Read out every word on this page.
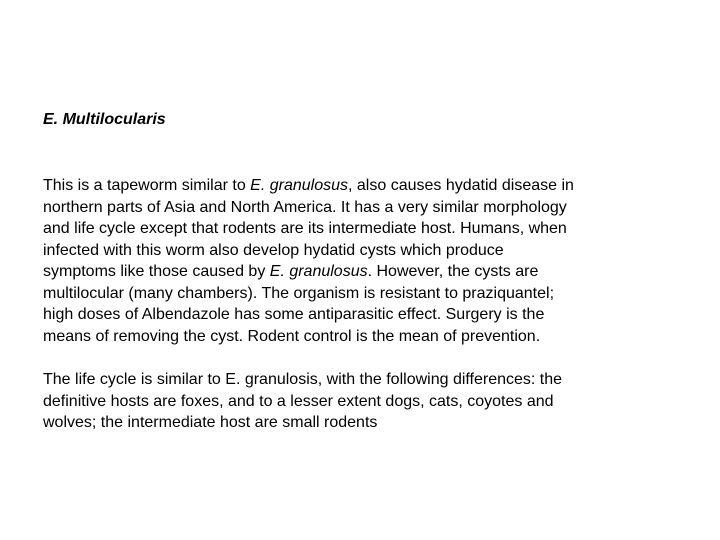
E. Multilocularis

This is a tapeworm similar to E. granulosus, also causes hydatid disease in
northern parts of Asia and North America. It has a very similar morphology
and life cycle except that rodents are its intermediate host. Humans, when
infected with this worm also develop hydatid cysts which produce
symptoms like those caused by E. granulosus. However, the cysts are
multilocular (many chambers). The organism is resistant to praziquantel;
high doses of Albendazole has some antiparasitic effect. Surgery is the
means of removing the cyst. Rodent control is the mean of prevention.

The life cycle is similar to E. granulosis, with the following differences: the
definitive hosts are foxes, and to a lesser extent dogs, cats, coyotes and
wolves; the intermediate host are small rodents
